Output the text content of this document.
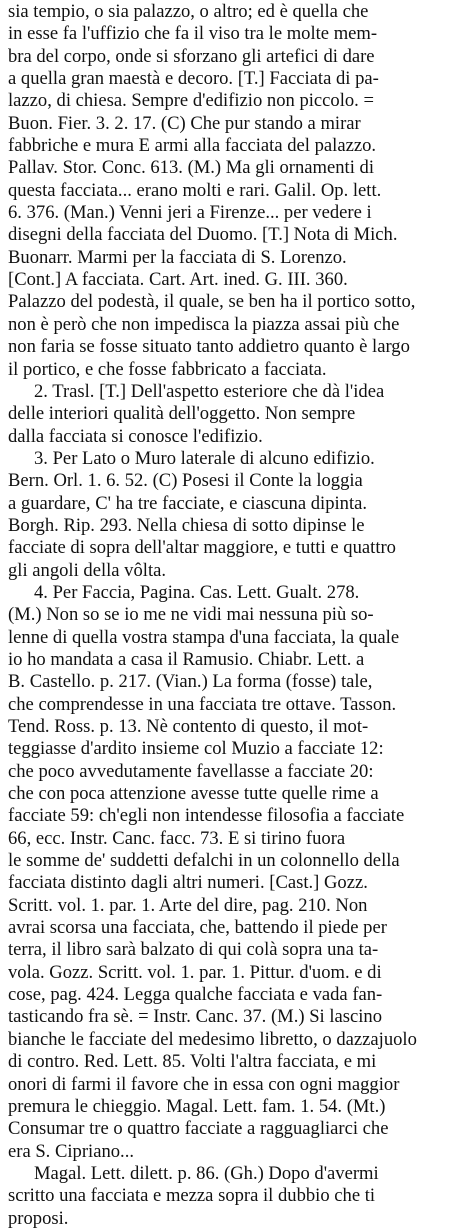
sia tempio, o sia palazzo, o altro; ed è quella che
in esse fa l'uffizio che fa il viso tra le molte mem-
bra del corpo, onde si sforzano gli artefici di dare
a quella gran maestà e decoro. [T.] Facciata di pa-
lazzo, di chiesa. Sempre d'edifizio non piccolo. =
Buon. Fier. 3. 2. 17. (C) Che pur stando a mirar
fabbriche e mura E armi alla facciata del palazzo.
Pallav. Stor. Conc. 613. (M.) Ma gli ornamenti di
questa facciata... erano molti e rari. Galil. Op. lett.
6. 376. (Man.) Venni jeri a Firenze... per vedere i
disegni della facciata del Duomo. [T.] Nota di Mich.
Buonarr. Marmi per la facciata di S. Lorenzo.
[Cont.] A facciata. Cart. Art. ined. G. III. 360.
Palazzo del podestà, il quale, se ben ha il portico sotto,
non è però che non impedisca la piazza assai più che
non faria se fosse situato tanto addietro quanto è largo
il portico, e che fosse fabbricato a facciata.
2. Trasl. [T.] Dell'aspetto esteriore che dà l'idea
delle interiori qualità dell'oggetto. Non sempre
dalla facciata si conosce l'edifizio.
3. Per Lato o Muro laterale di alcuno edifizio.
Bern. Orl. 1. 6. 52. (C) Posesi il Conte la loggia
a guardare, C' ha tre facciate, e ciascuna dipinta.
Borgh. Rip. 293. Nella chiesa di sotto dipinse le
facciate di sopra dell'altar maggiore, e tutti e quattro
gli angoli della vôlta.
4. Per Faccia, Pagina. Cas. Lett. Gualt. 278.
(M.) Non so se io me ne vidi mai nessuna più so-
lenne di quella vostra stampa d'una facciata, la quale
io ho mandata a casa il Ramusio. Chiabr. Lett. a
B. Castello. p. 217. (Vian.) La forma (fosse) tale,
che comprendesse in una facciata tre ottave. Tasson.
Tend. Ross. p. 13. Nè contento di questo, il mot-
teggiasse d'ardito insieme col Muzio a facciate 12:
che poco avvedutamente favellasse a facciate 20:
che con poca attenzione avesse tutte quelle rime a
facciate 59: ch'egli non intendesse filosofia a facciate
66, ecc. Instr. Canc. facc. 73. E si tirino fuora
le somme de' suddetti defalchi in un colonnello della
facciata distinto dagli altri numeri. [Cast.] Gozz.
Scritt. vol. 1. par. 1. Arte del dire, pag. 210. Non
avrai scorsa una facciata, che, battendo il piede per
terra, il libro sarà balzato di qui colà sopra una ta-
vola. Gozz. Scritt. vol. 1. par. 1. Pittur. d'uom. e di
cose, pag. 424. Legga qualche facciata e vada fan-
tasticando fra sè. = Instr. Canc. 37. (M.) Si lascino
bianche le facciate del medesimo libretto, o dazzajuolo
di contro. Red. Lett. 85. Volti l'altra facciata, e mi
onori di farmi il favore che in essa con ogni maggior
premura le chieggio. Magal. Lett. fam. 1. 54. (Mt.)
Consumar tre o quattro facciate a ragguagliarci che
era S. Cipriano...
Magal. Lett. dilett. p. 86. (Gh.) Dopo d'avermi
scritto una facciata e mezza sopra il dubbio che ti
proposi.
